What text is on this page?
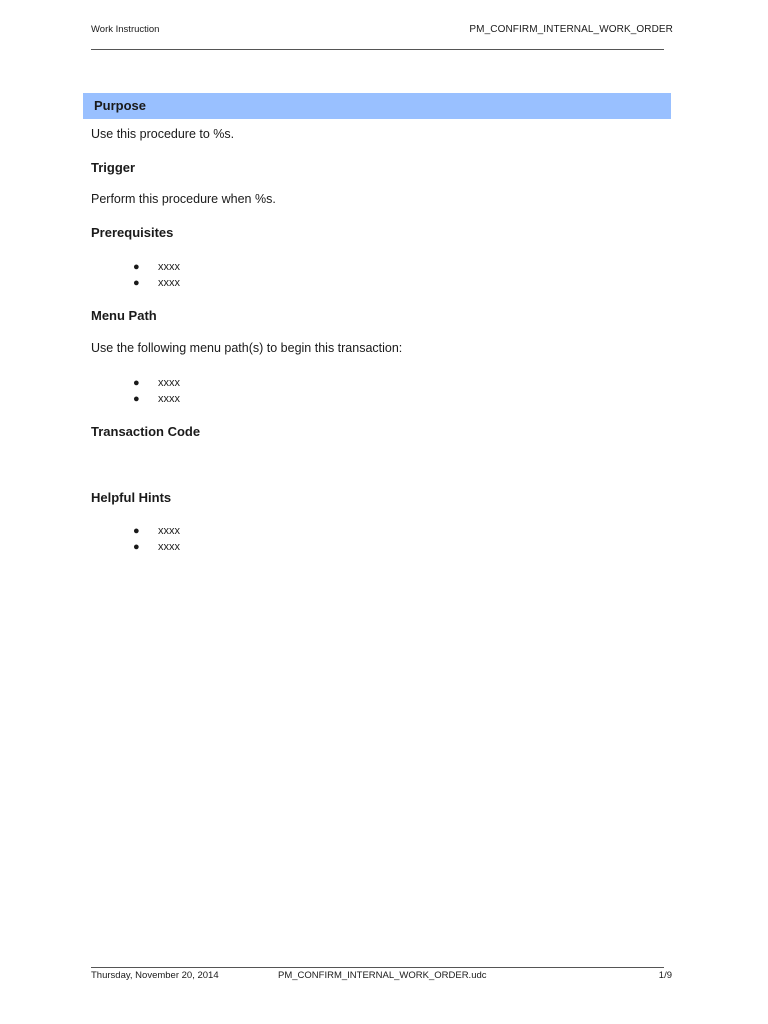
Work Instruction	PM_CONFIRM_INTERNAL_WORK_ORDER
Purpose
Use this procedure to %s.
Trigger
Perform this procedure when %s.
Prerequisites
● xxxx
● xxxx
Menu Path
Use the following menu path(s) to begin this transaction:
● xxxx
● xxxx
Transaction Code
Helpful Hints
● xxxx
● xxxx
Thursday, November 20, 2014	PM_CONFIRM_INTERNAL_WORK_ORDER.udc	1/9
